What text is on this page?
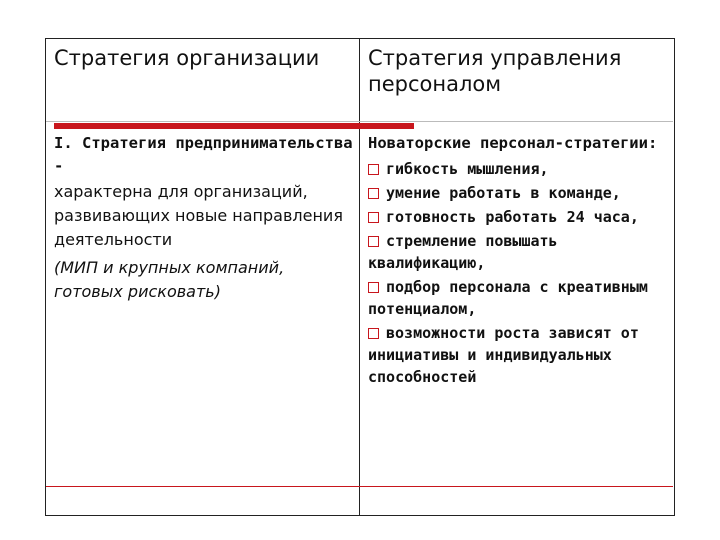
Стратегия организации	Стратегия управления персоналом
I. Стратегия предпринимательства -
характерна для организаций, развивающих новые направления деятельности
(МИП и крупных компаний, готовых рисковать)
Новаторские персонал-стратегии:
гибкость мышления,
умение работать в команде,
готовность работать 24 часа,
стремление повышать квалификацию,
подбор персонала с креативным потенциалом,
возможности роста зависят от инициативы и индивидуальных способностей
